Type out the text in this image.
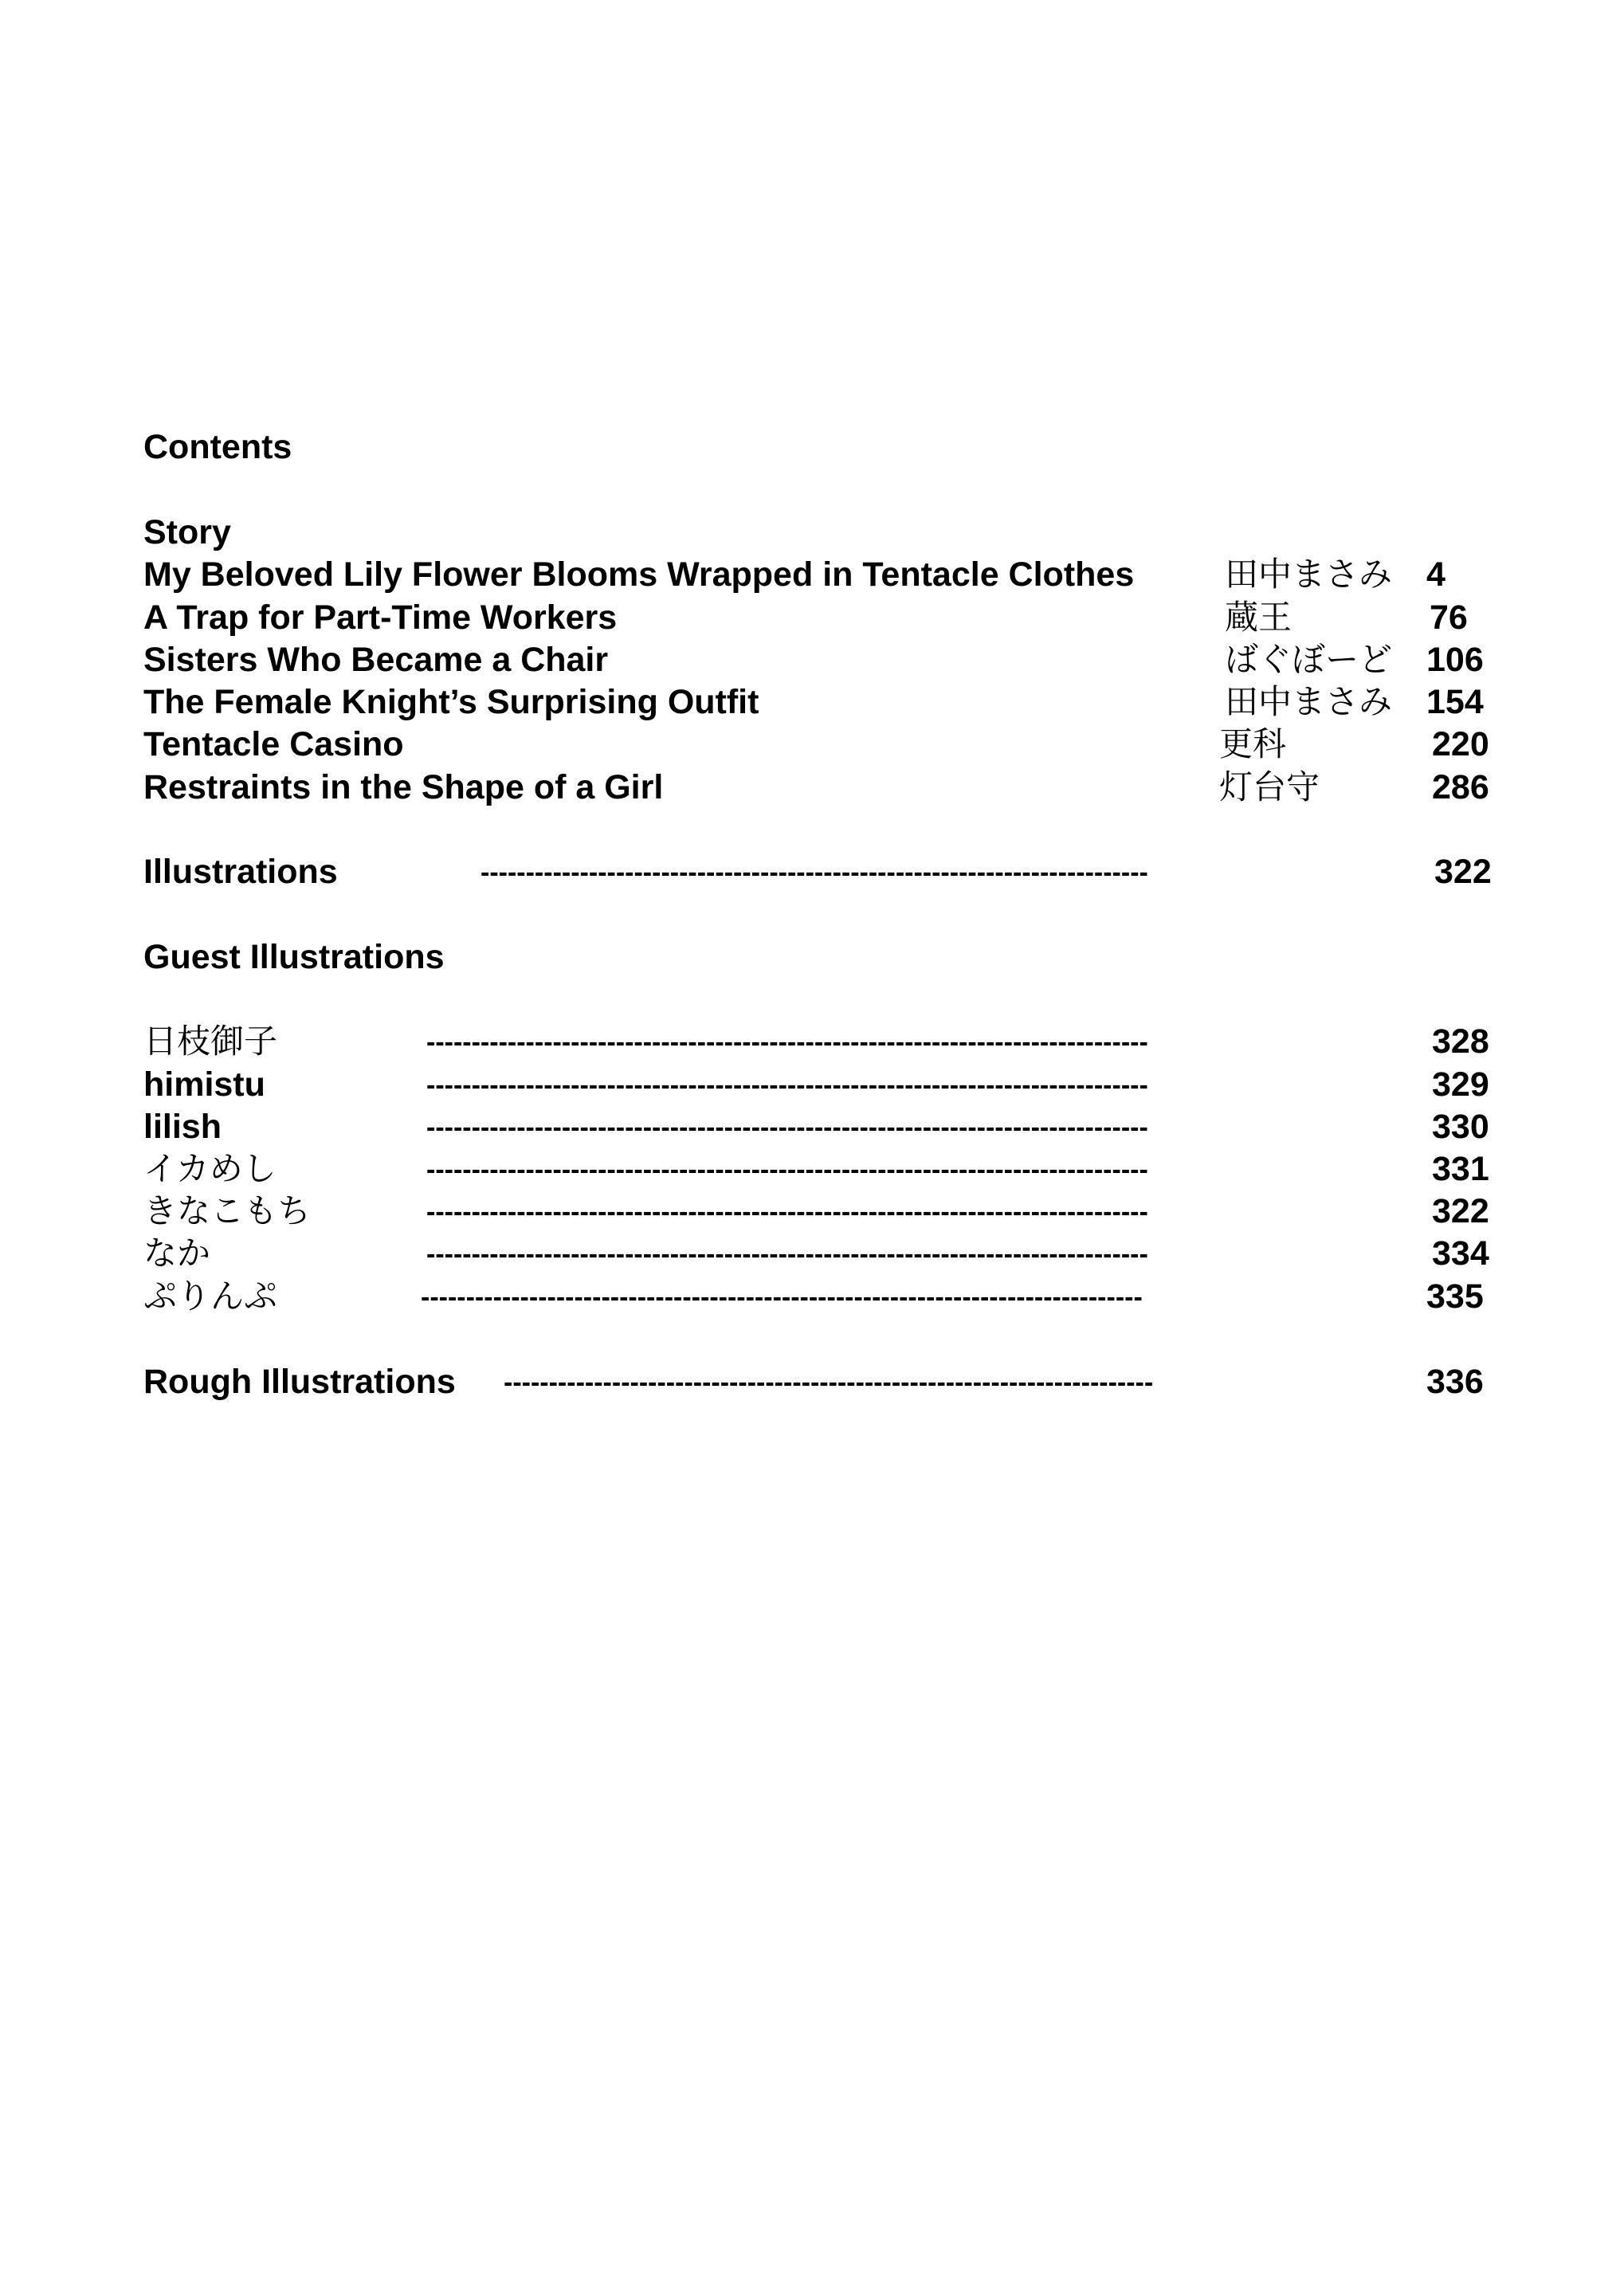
Contents
Story
My Beloved Lily Flower Blooms Wrapped in Tentacle Clothes	田中まさみ 4
A Trap for Part-Time Workers	蔵王	76
Sisters Who Became a Chair	ばぐぼーど 106
The Female Knight’s Surprising Outfit	田中まさみ 154
Tentacle Casino	更科	220
Restraints in the Shape of a Girl	灯台守	286
Illustrations	--------------------------------------------------------------------------	322
Guest Illustrations
日枝御子	--------------------------------------------------------------------------------	328
himistu	--------------------------------------------------------------------------------	329
lilish	--------------------------------------------------------------------------------	330
イカめし	--------------------------------------------------------------------------------	331
きなこもち	--------------------------------------------------------------------------------	322
なか	--------------------------------------------------------------------------------	334
ぷりんぷ	--------------------------------------------------------------------------------	335
Rough Illustrations ------------------------------------------------------------------------	336
